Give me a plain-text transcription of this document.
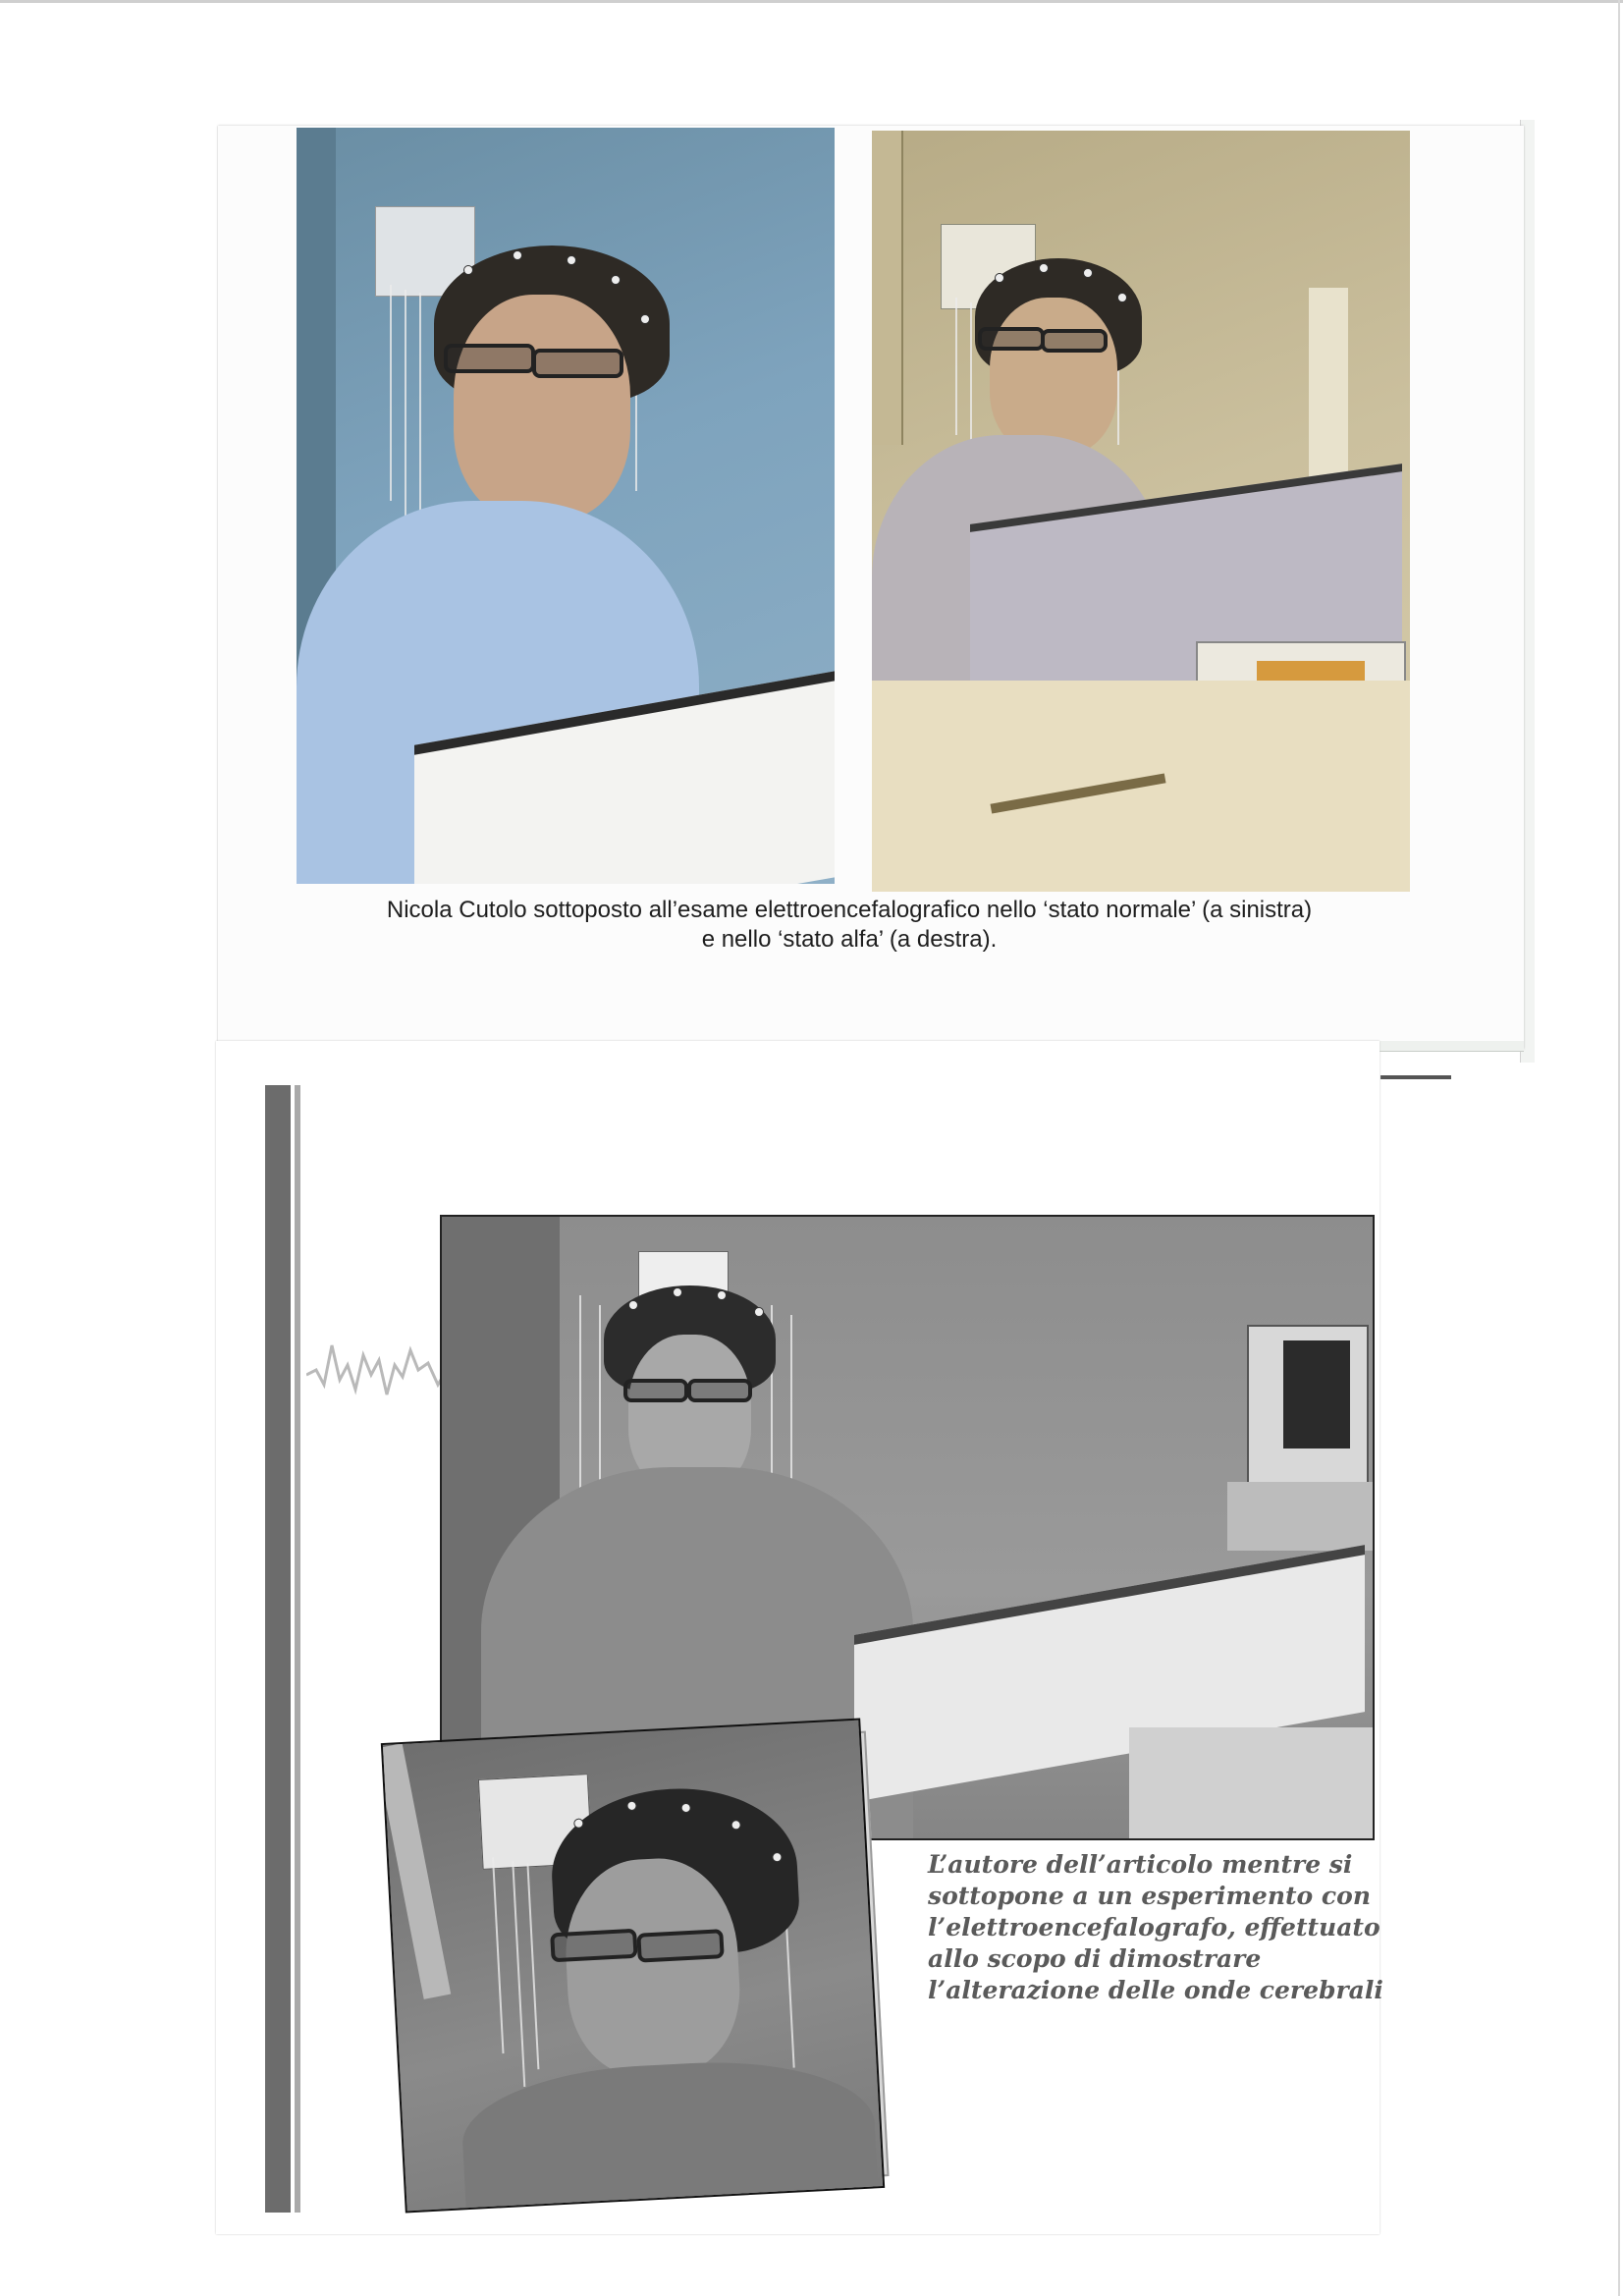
Nicola Cutolo sottoposto all’esame elettroencefalografico nello ‘stato normale’ (a sinistra)
e nello ‘stato alfa’ (a destra).
L’autore dell’articolo mentre si
sottopone a un esperimento con
l’elettroencefalografo, effettuato
allo scopo di dimostrare
l’alterazione delle onde cerebrali
